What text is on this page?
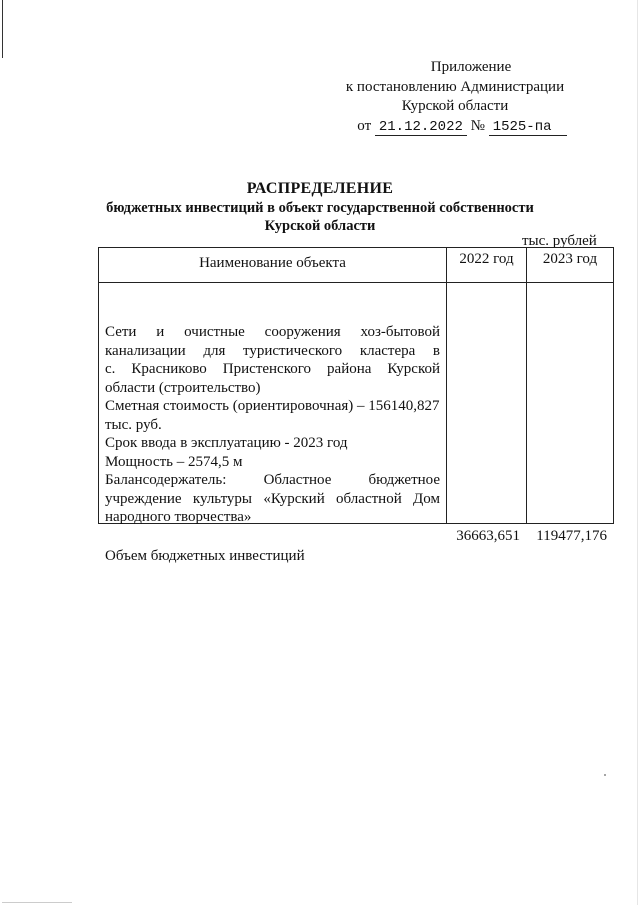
Приложение
к постановлению Администрации
Курской области
от 21.12.2022 № 1525-па
РАСПРЕДЕЛЕНИЕ
бюджетных инвестиций в объект государственной собственности
Курской области
тыс. рублей
Наименование объекта	2022 год	2023 год

Сети и очистные сооружения хоз-бытовой

канализации для туристического кластера в

с. Красниково Пристенского района Курской

области (строительство)

Сметная стоимость (ориентировочная) – 156140,827

тыс. руб.

Срок ввода в эксплуатацию - 2023 год

Мощность – 2574,5 м

Балансодержатель: Областное бюджетное

учреждение культуры «Курский областной Дом

народного творчества»

Объем бюджетных инвестиций

36663,651 119477,176
